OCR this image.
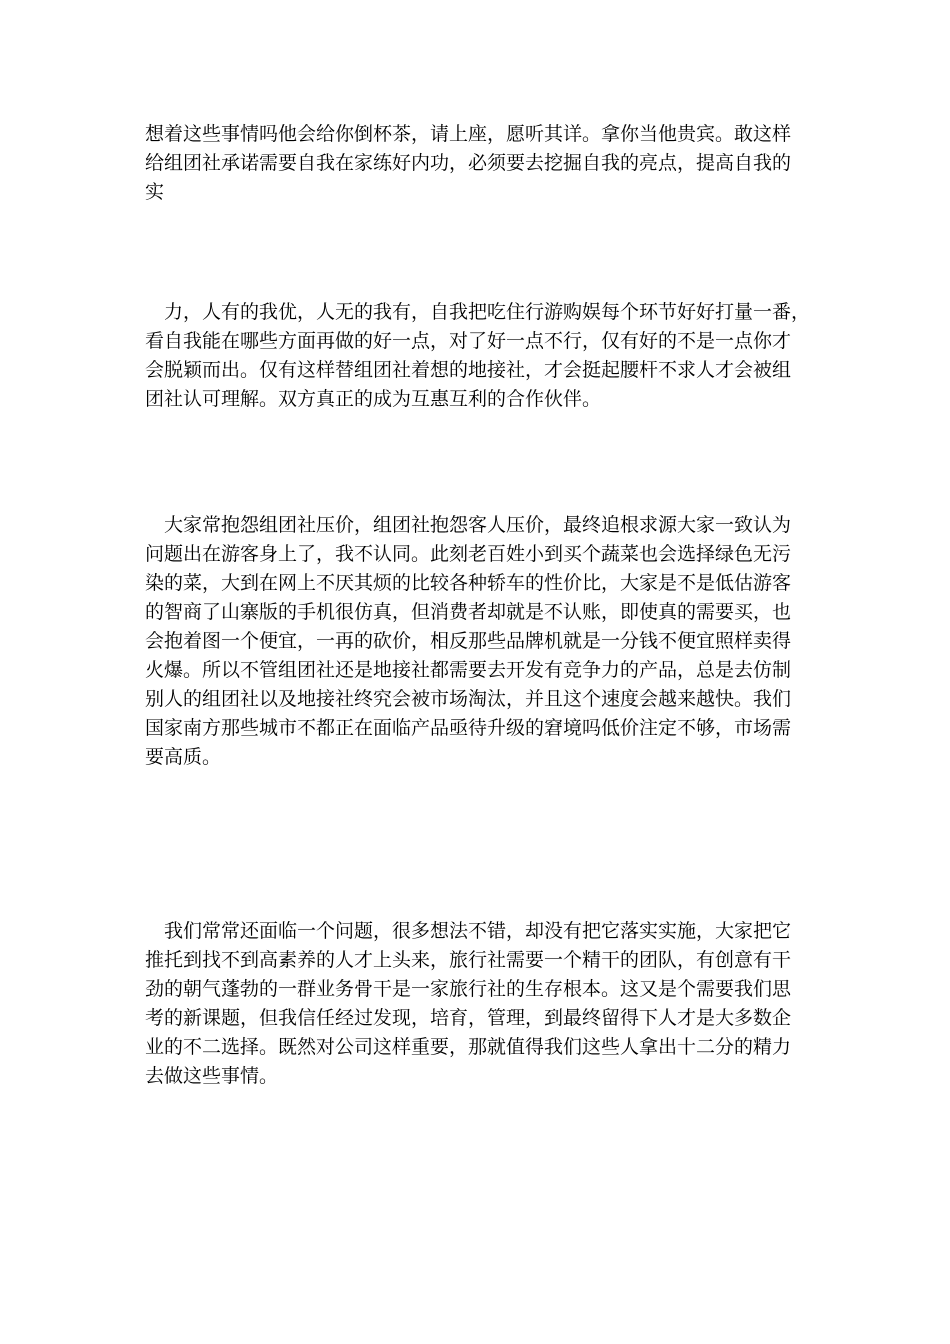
想着这些事情吗他会给你倒杯茶，请上座，愿听其详。拿你当他贵宾。敢这样
给组团社承诺需要自我在家练好内功，必须要去挖掘自我的亮点，提高自我的
实
　力，人有的我优，人无的我有，自我把吃住行游购娱每个环节好好打量一番，
看自我能在哪些方面再做的好一点，对了好一点不行，仅有好的不是一点你才
会脱颖而出。仅有这样替组团社着想的地接社，才会挺起腰杆不求人才会被组
团社认可理解。双方真正的成为互惠互利的合作伙伴。
　大家常抱怨组团社压价，组团社抱怨客人压价，最终追根求源大家一致认为
问题出在游客身上了，我不认同。此刻老百姓小到买个蔬菜也会选择绿色无污
染的菜，大到在网上不厌其烦的比较各种轿车的性价比，大家是不是低估游客
的智商了山寨版的手机很仿真，但消费者却就是不认账，即使真的需要买，也
会抱着图一个便宜，一再的砍价，相反那些品牌机就是一分钱不便宜照样卖得
火爆。所以不管组团社还是地接社都需要去开发有竞争力的产品，总是去仿制
别人的组团社以及地接社终究会被市场淘汰，并且这个速度会越来越快。我们
国家南方那些城市不都正在面临产品亟待升级的窘境吗低价注定不够，市场需
要高质。
　我们常常还面临一个问题，很多想法不错，却没有把它落实实施，大家把它
推托到找不到高素养的人才上头来，旅行社需要一个精干的团队，有创意有干
劲的朝气蓬勃的一群业务骨干是一家旅行社的生存根本。这又是个需要我们思
考的新课题，但我信任经过发现，培育，管理，到最终留得下人才是大多数企
业的不二选择。既然对公司这样重要，那就值得我们这些人拿出十二分的精力
去做这些事情。
